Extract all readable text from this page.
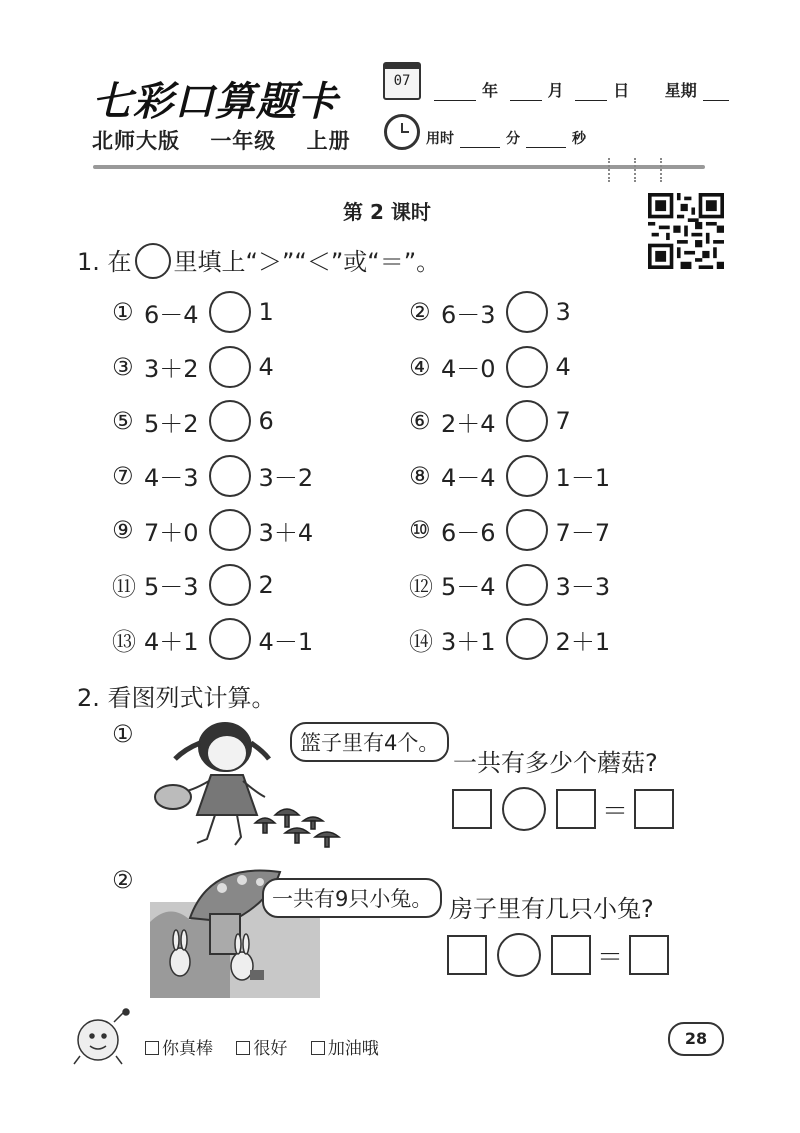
七彩口算题卡	07	年	月	日 星期
北师大版 一年级 上册	用时	分	秒
第 2 课时
1. 在 里填上“＞”“＜”或“＝”。
① 6－4	1
③ 3＋2	4
⑤ 5＋2	6
⑦ 4－3	3－2
⑨ 7＋0	3＋4
⑪ 5－3	2
⑬ 4＋1	4－1
② 6－3	3
④ 4－0	4
⑥ 2＋4	7
⑧ 4－4	1－1
⑩ 6－6	7－7
⑫ 5－4	3－3
⑭ 3＋1	2＋1
2. 看图列式计算。
①	篮子里有4个。
一共有多少个蘑菇?
＝
②
一共有9只小兔。 房子里有几只小兔?
＝
你真棒 很好 加油哦
28
